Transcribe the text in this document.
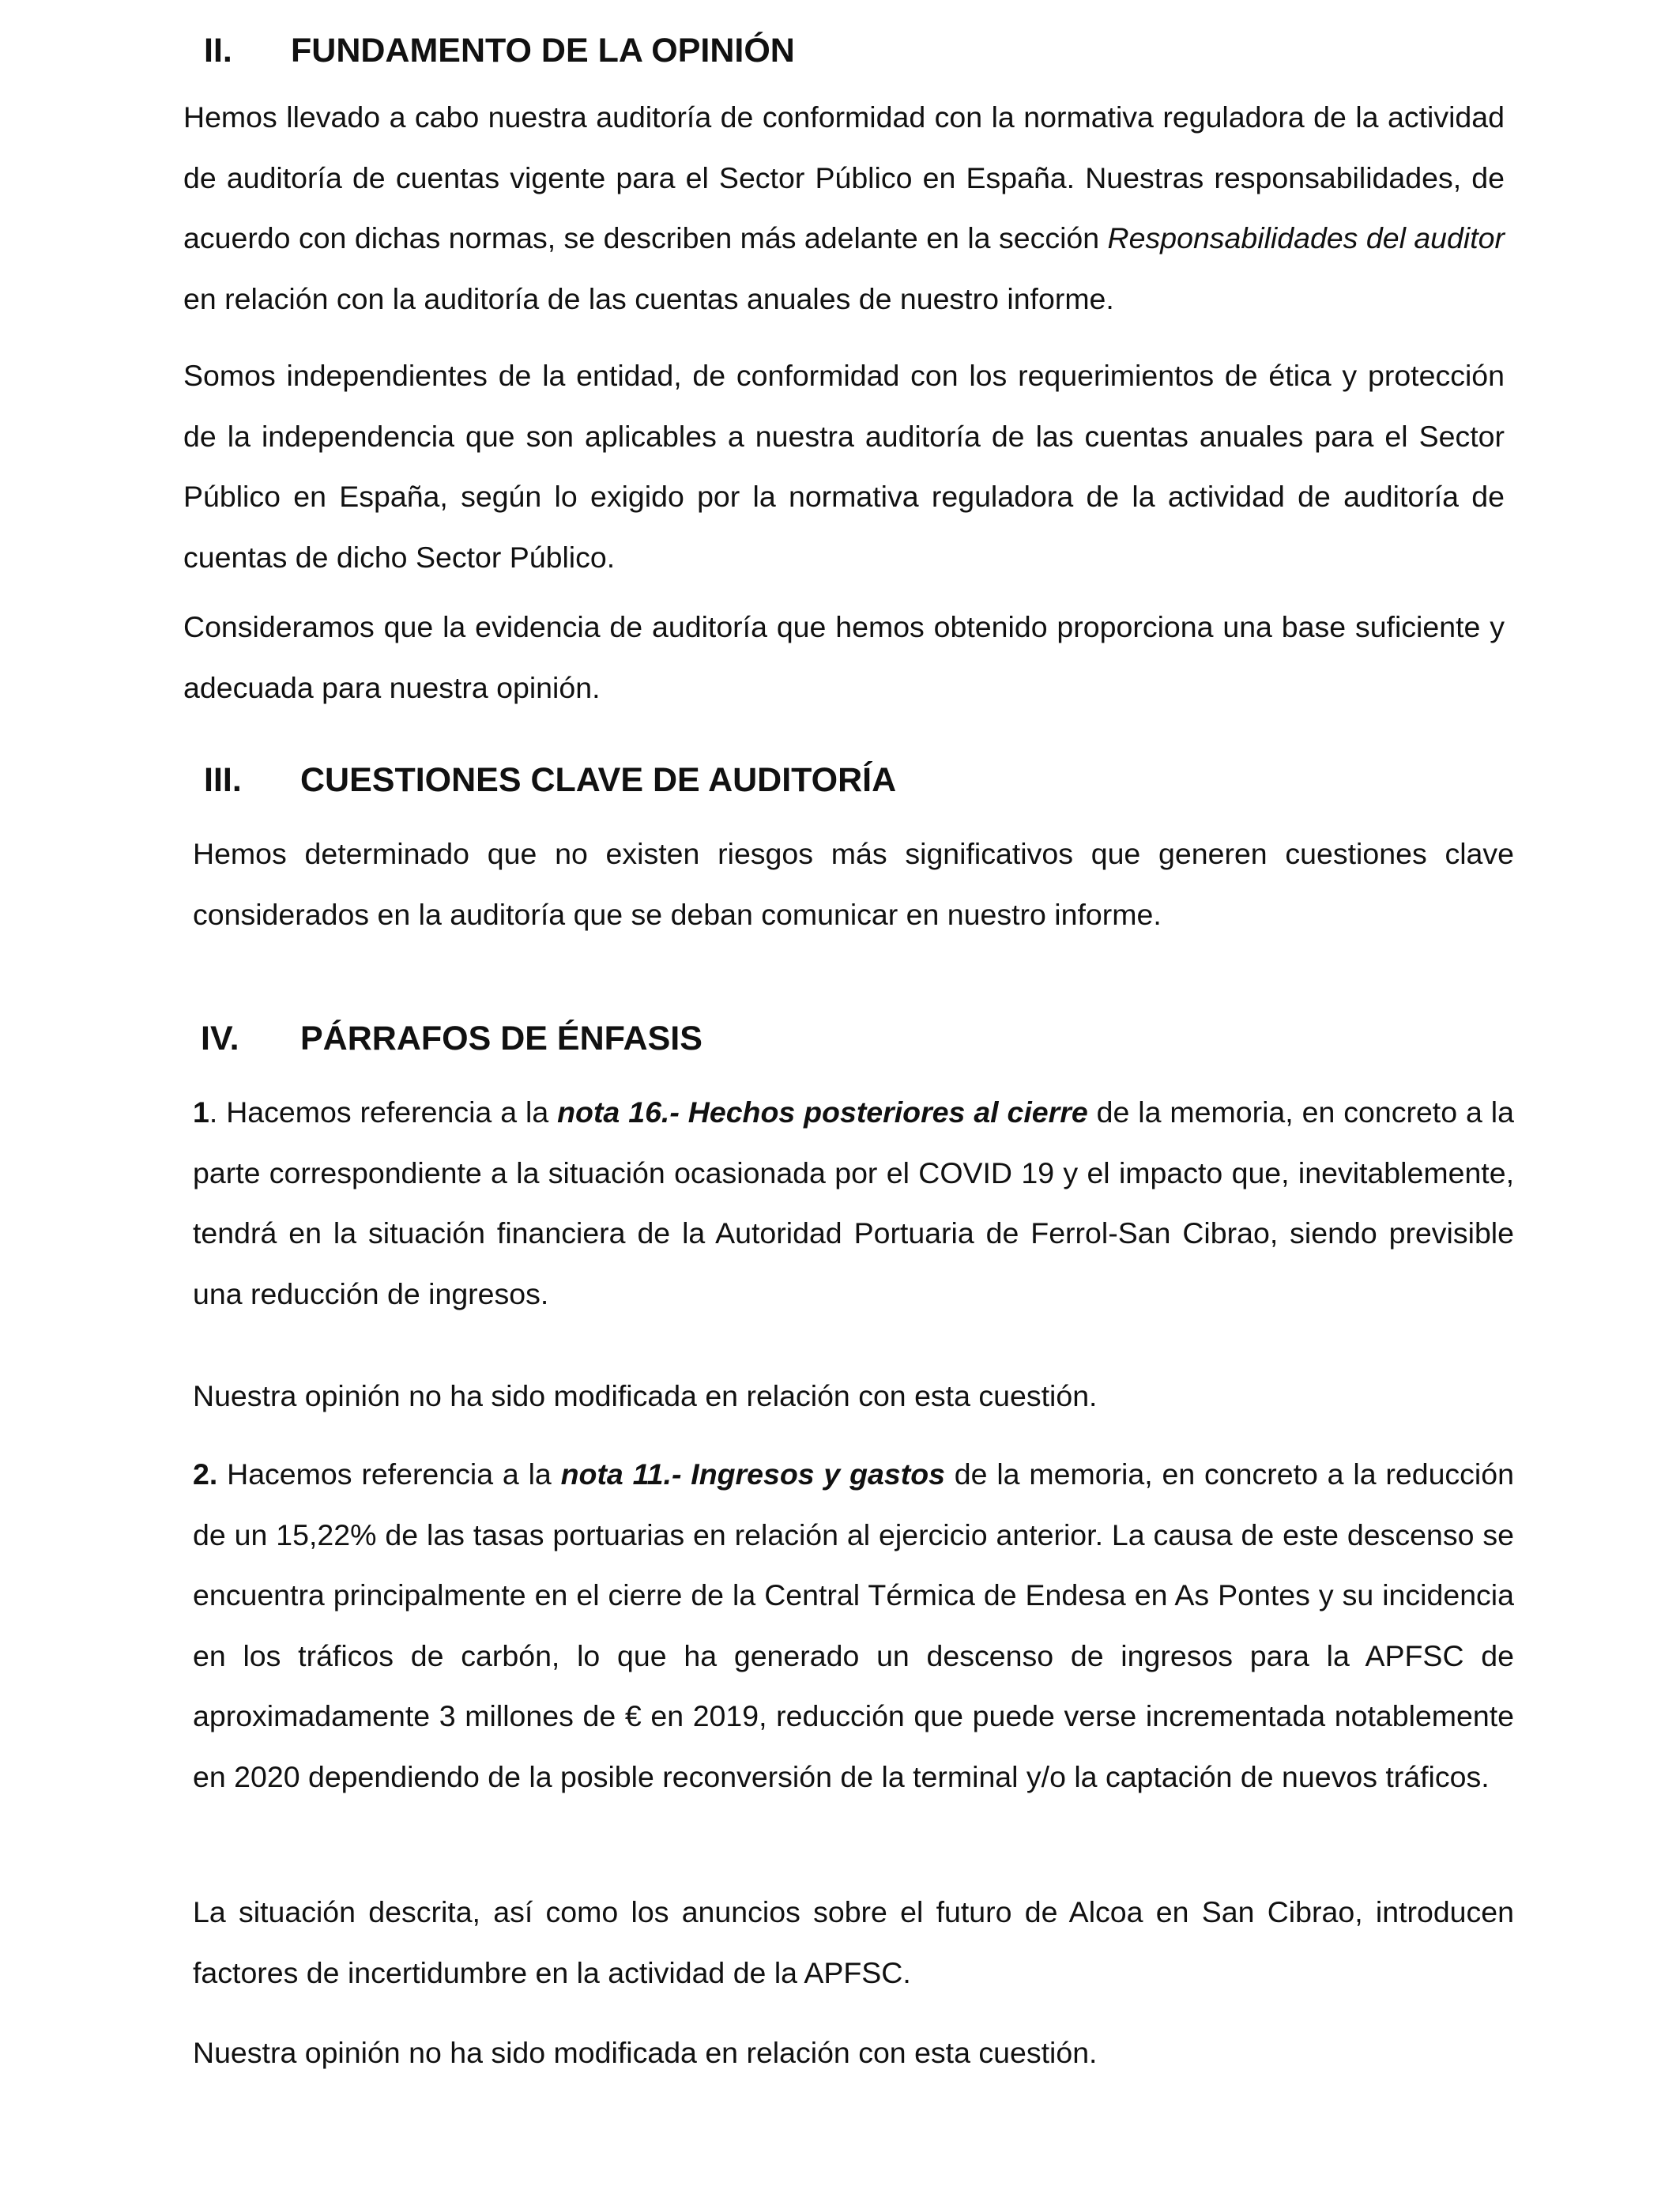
II. FUNDAMENTO DE LA OPINIÓN

Hemos llevado a cabo nuestra auditoría de conformidad con la normativa reguladora de la actividad de auditoría de cuentas vigente para el Sector Público en España. Nuestras responsabilidades, de acuerdo con dichas normas, se describen más adelante en la sección Responsabilidades del auditor en relación con la auditoría de las cuentas anuales de nuestro informe.

Somos independientes de la entidad, de conformidad con los requerimientos de ética y protección de la independencia que son aplicables a nuestra auditoría de las cuentas anuales para el Sector Público en España, según lo exigido por la normativa reguladora de la actividad de auditoría de cuentas de dicho Sector Público.

Consideramos que la evidencia de auditoría que hemos obtenido proporciona una base suficiente y adecuada para nuestra opinión.

III. CUESTIONES CLAVE DE AUDITORÍA

Hemos determinado que no existen riesgos más significativos que generen cuestiones clave considerados en la auditoría que se deban comunicar en nuestro informe.

IV. PÁRRAFOS DE ÉNFASIS

1. Hacemos referencia a la nota 16.- Hechos posteriores al cierre de la memoria, en concreto a la parte correspondiente a la situación ocasionada por el COVID 19 y el impacto que, inevitablemente, tendrá en la situación financiera de la Autoridad Portuaria de Ferrol-San Cibrao, siendo previsible una reducción de ingresos.

Nuestra opinión no ha sido modificada en relación con esta cuestión.

2. Hacemos referencia a la nota 11.- Ingresos y gastos de la memoria, en concreto a la reducción de un 15,22% de las tasas portuarias en relación al ejercicio anterior. La causa de este descenso se encuentra principalmente en el cierre de la Central Térmica de Endesa en As Pontes y su incidencia en los tráficos de carbón, lo que ha generado un descenso de ingresos para la APFSC de aproximadamente 3 millones de € en 2019, reducción que puede verse incrementada notablemente en 2020 dependiendo de la posible reconversión de la terminal y/o la captación de nuevos tráficos.

La situación descrita, así como los anuncios sobre el futuro de Alcoa en San Cibrao, introducen factores de incertidumbre en la actividad de la APFSC.

Nuestra opinión no ha sido modificada en relación con esta cuestión.
